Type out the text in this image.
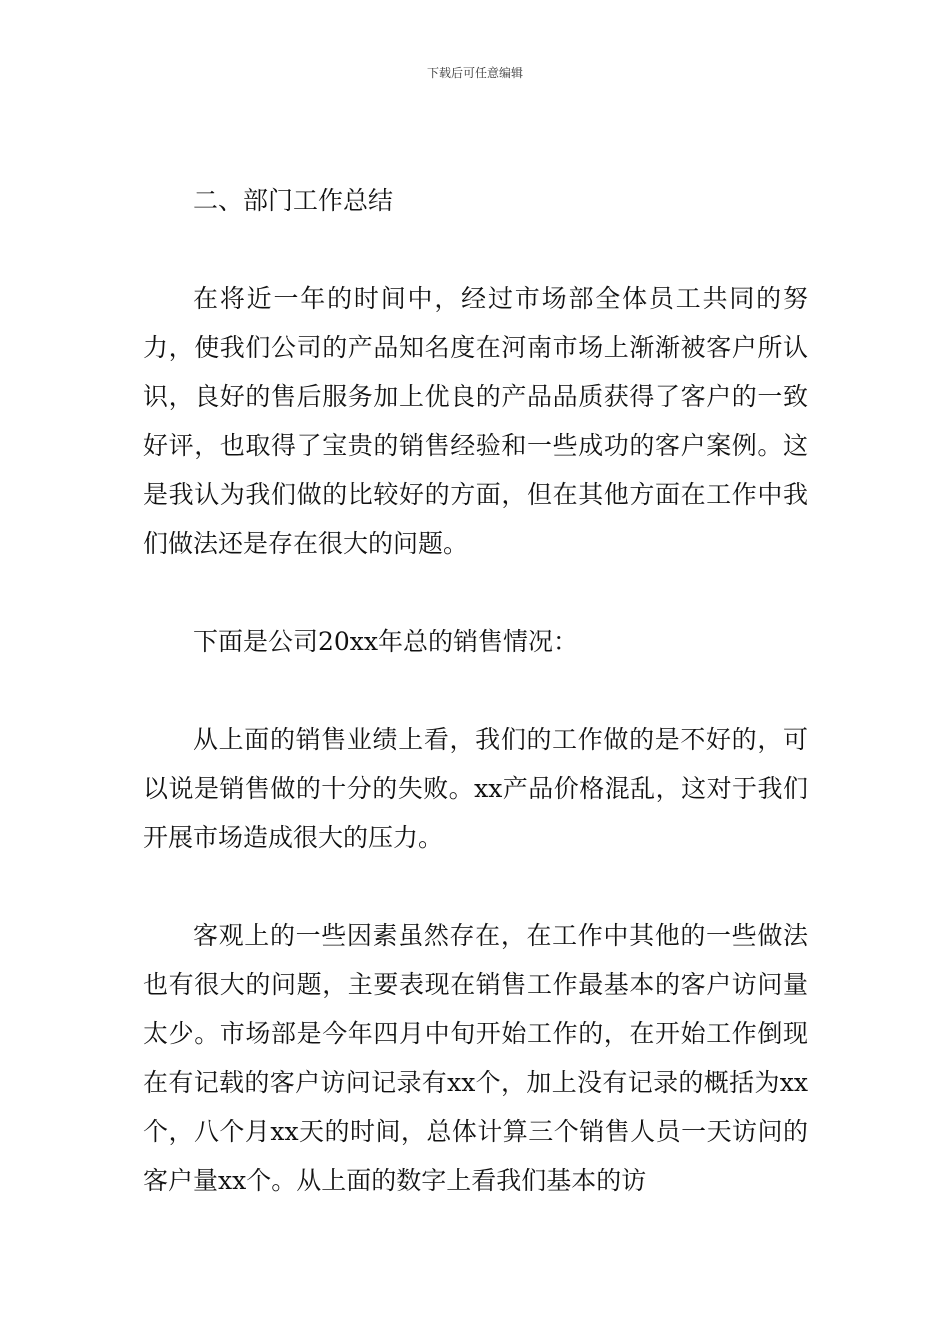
下载后可任意编辑
二、部门工作总结

在将近一年的时间中，经过市场部全体员工共同的努力，使我们公司的产品知名度在河南市场上渐渐被客户所认识，良好的售后服务加上优良的产品品质获得了客户的一致好评，也取得了宝贵的销售经验和一些成功的客户案例。这是我认为我们做的比较好的方面，但在其他方面在工作中我们做法还是存在很大的问题。

下面是公司20xx年总的销售情况：

从上面的销售业绩上看，我们的工作做的是不好的，可以说是销售做的十分的失败。xx产品价格混乱，这对于我们开展市场造成很大的压力。

客观上的一些因素虽然存在，在工作中其他的一些做法也有很大的问题，主要表现在销售工作最基本的客户访问量太少。市场部是今年四月中旬开始工作的，在开始工作倒现在有记载的客户访问记录有xx个，加上没有记录的概括为xx个，八个月xx天的时间，总体计算三个销售人员一天访问的客户量xx个。从上面的数字上看我们基本的访
